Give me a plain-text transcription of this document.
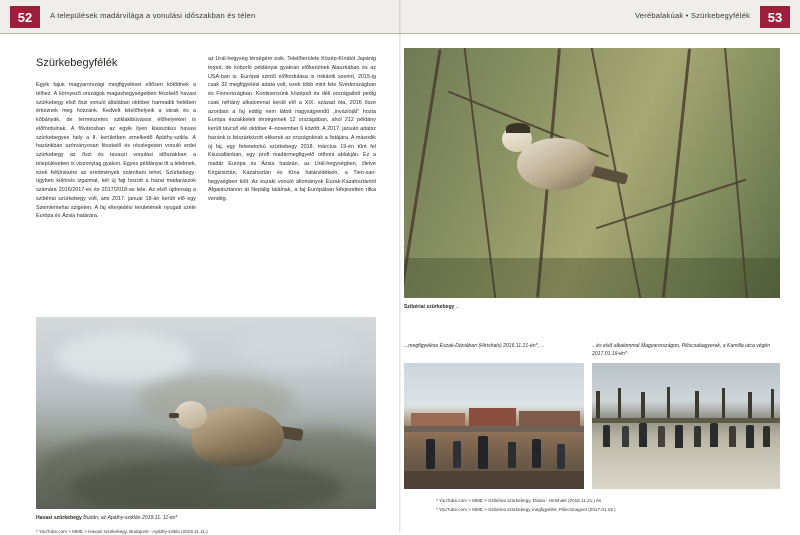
52	53
A települések madárvilága a vonulási időszakban és télen	Verébalakúak • Szürkebegyfélék
Szürkebegyfélék
Egyik fajuk magyarországi megfigyelései eltősen kötődnek a télhez. A környező országok magashegységeiben fészkelő havasi szürkebegy első őszi vonuló általában október harmadik hetében érkeznek meg hozzánk. Kedvelt telelőhelyeik a várak és a kőbányák, de természetes sziklakibúvásos élőhelyeken is előfordulnak. A fővárosban az egyik ilyen klasszikus havasi szürkebegyes hely a II. kerületben emelkedő Apáthy-szikla. A hazánkban szórványosan fészkelő és részlegesen vonuló erdei szürkebegy az őszi és tavaszi vonulási időszakban a településeken is viszonylag gyakori. Egyes példányai itt a teleknek, ezek feltűnésére az eredmények számítani lehet. Szürkebegy-ügyben különös izgalmat, két új fajt hozott a hazai madarászok számára 2016/2017-es és 2017/2018-as tele. Az első újdonság a szibériai szürkebegy volt, ami 2017. január 18-án került elő egy Szemlemehai szigeten. A faj elterjedési területének nyugati széle Európa és Ázsia határára,
az Urál-hegység térségére esik. Telelőterülete Közép-Kínától Japánig terjed, de kóborló példányai gyakran előkerülnek Alaszkában és az USA-ban is. Európai szintű előfordulása is mikánik szerint, 2015-ig csak 32 megfigyelési adata volt, ezek több mint fele Svédországban és Finnországban. Kontinensünk középső és déli országaiból pedig csak néhány alkalommal került elő a XIX. század óta, 2016 ősze azonban a faj eddig nem látott nagyságrendű „invázióját” hozta Európa északkeleti térségeinek 12 országában, ahol 212 példány került távcső elé október 4–november 6 között. A 2017. januári adatsz hazánk is felszárkózott ekkerek az országoknak a listájára. A második új faj, egy feketetorkú szürkebegy 2018. március 19-én tűnt fel Kiszsallánban, egy profi madármegfigyelő otthoni ablakján. Ez a madár Európa és Ázsia határán, az Urál-hegységben, illetve Kirgizisztán, Kazahsztán és Kína határvidékein, a Tien-san-hegységben költ. Az északi vonuló állományok Észak-Kazahsztántól Afganisztánon át Nepálig találnak, a faj Európában kifejezetten ritka vendég.
Havasi szürkebegy Budán, az Apáthy-sziklán 2019.11. 11-én*
* YouTube.com > MME > Havasi szürkebegy, Budapest - Apáthy-szikla (2019.11.11.)
Szibériai szürkebegy ...
...megfigyelése Észak-Dániában (Hirtshals) 2016.11.21-én*, ...	...és első alkalommal Magyarországon, Piliscsabagyerek, a Kamilla utca végén 2017.01.19-én*
* YouTube.com > MME > Szibériai szürkebegy, Dánia - Hirtshals (2016.11.21.) és
* YouTube.com > MME > Szibériai szürkebegy megfigyelés, Piliscsmagvet (2017.01.19.)
